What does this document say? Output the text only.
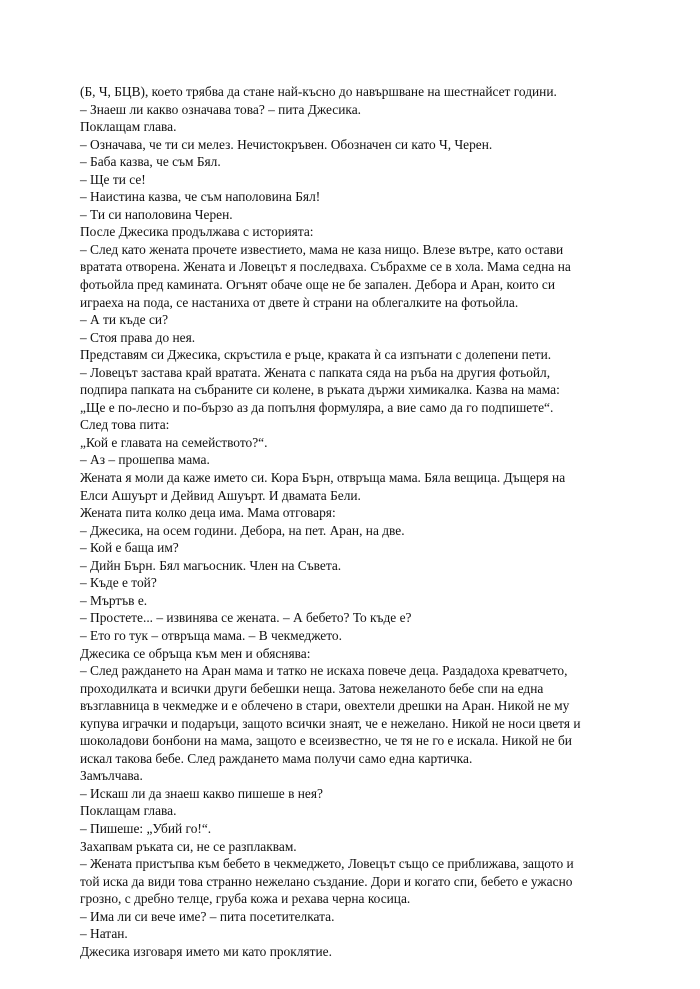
(Б, Ч, БЦВ), което трябва да стане най-късно до навършване на шестнайсет години.

– Знаеш ли какво означава това? – пита Джесика.

Поклащам глава.

– Означава, че ти си мелез. Нечистокръвен. Обозначен си като Ч, Черен.

– Баба казва, че съм Бял.

– Ще ти се!

– Наистина казва, че съм наполовина Бял!

– Ти си наполовина Черен.

После Джесика продължава с историята:

– След като жената прочете известието, мама не каза нищо. Влезе вътре, като остави

вратата отворена. Жената и Ловецът я последваха. Събрахме се в хола. Мама седна на

фотьойла пред камината. Огънят обаче още не бе запален. Дебора и Аран, които си

играеха на пода, се настаниха от двете ѝ страни на облегалките на фотьойла.

– А ти къде си?

– Стоя права до нея.

Представям си Джесика, скръстила е ръце, краката ѝ са изпънати с долепени пети.

– Ловецът застава край вратата. Жената с папката сяда на ръба на другия фотьойл,

подпира папката на събраните си колене, в ръката държи химикалка. Казва на мама:

„Ще е по-лесно и по-бързо аз да попълня формуляра, а вие само да го подпишете“.

След това пита:

„Кой е главата на семейството?“.

– Аз – прошепва мама.

Жената я моли да каже името си. Кора Бърн, отвръща мама. Бяла вещица. Дъщеря на

Елси Ашуърт и Дейвид Ашуърт. И двамата Бели.

Жената пита колко деца има. Мама отговаря:

– Джесика, на осем години. Дебора, на пет. Аран, на две.

– Кой е баща им?

– Дийн Бърн. Бял магьосник. Член на Съвета.

– Къде е той?

– Мъртъв е.

– Простете... – извинява се жената. – А бебето? То къде е?

– Ето го тук – отвръща мама. – В чекмеджето.

Джесика се обръща към мен и обяснява:

– След раждането на Аран мама и татко не искаха повече деца. Раздадоха креватчето,

проходилката и всички други бебешки неща. Затова нежеланото бебе спи на една

възглавница в чекмедже и е облечено в стари, овехтели дрешки на Аран. Никой не му

купува играчки и подаръци, защото всички знаят, че е нежелано. Никой не носи цветя и

шоколадови бонбони на мама, защото е всеизвестно, че тя не го е искала. Никой не би

искал такова бебе. След раждането мама получи само една картичка.

Замълчава.

– Искаш ли да знаеш какво пишеше в нея?

Поклащам глава.

– Пишеше: „Убий го!“.

Захапвам ръката си, не се разплаквам.

– Жената пристъпва към бебето в чекмеджето, Ловецът също се приближава, защото и

той иска да види това странно нежелано създание. Дори и когато спи, бебето е ужасно

грозно, с дребно телце, груба кожа и рехава черна косица.

– Има ли си вече име? – пита посетителката.

– Натан.

Джесика изговаря името ми като проклятие.
